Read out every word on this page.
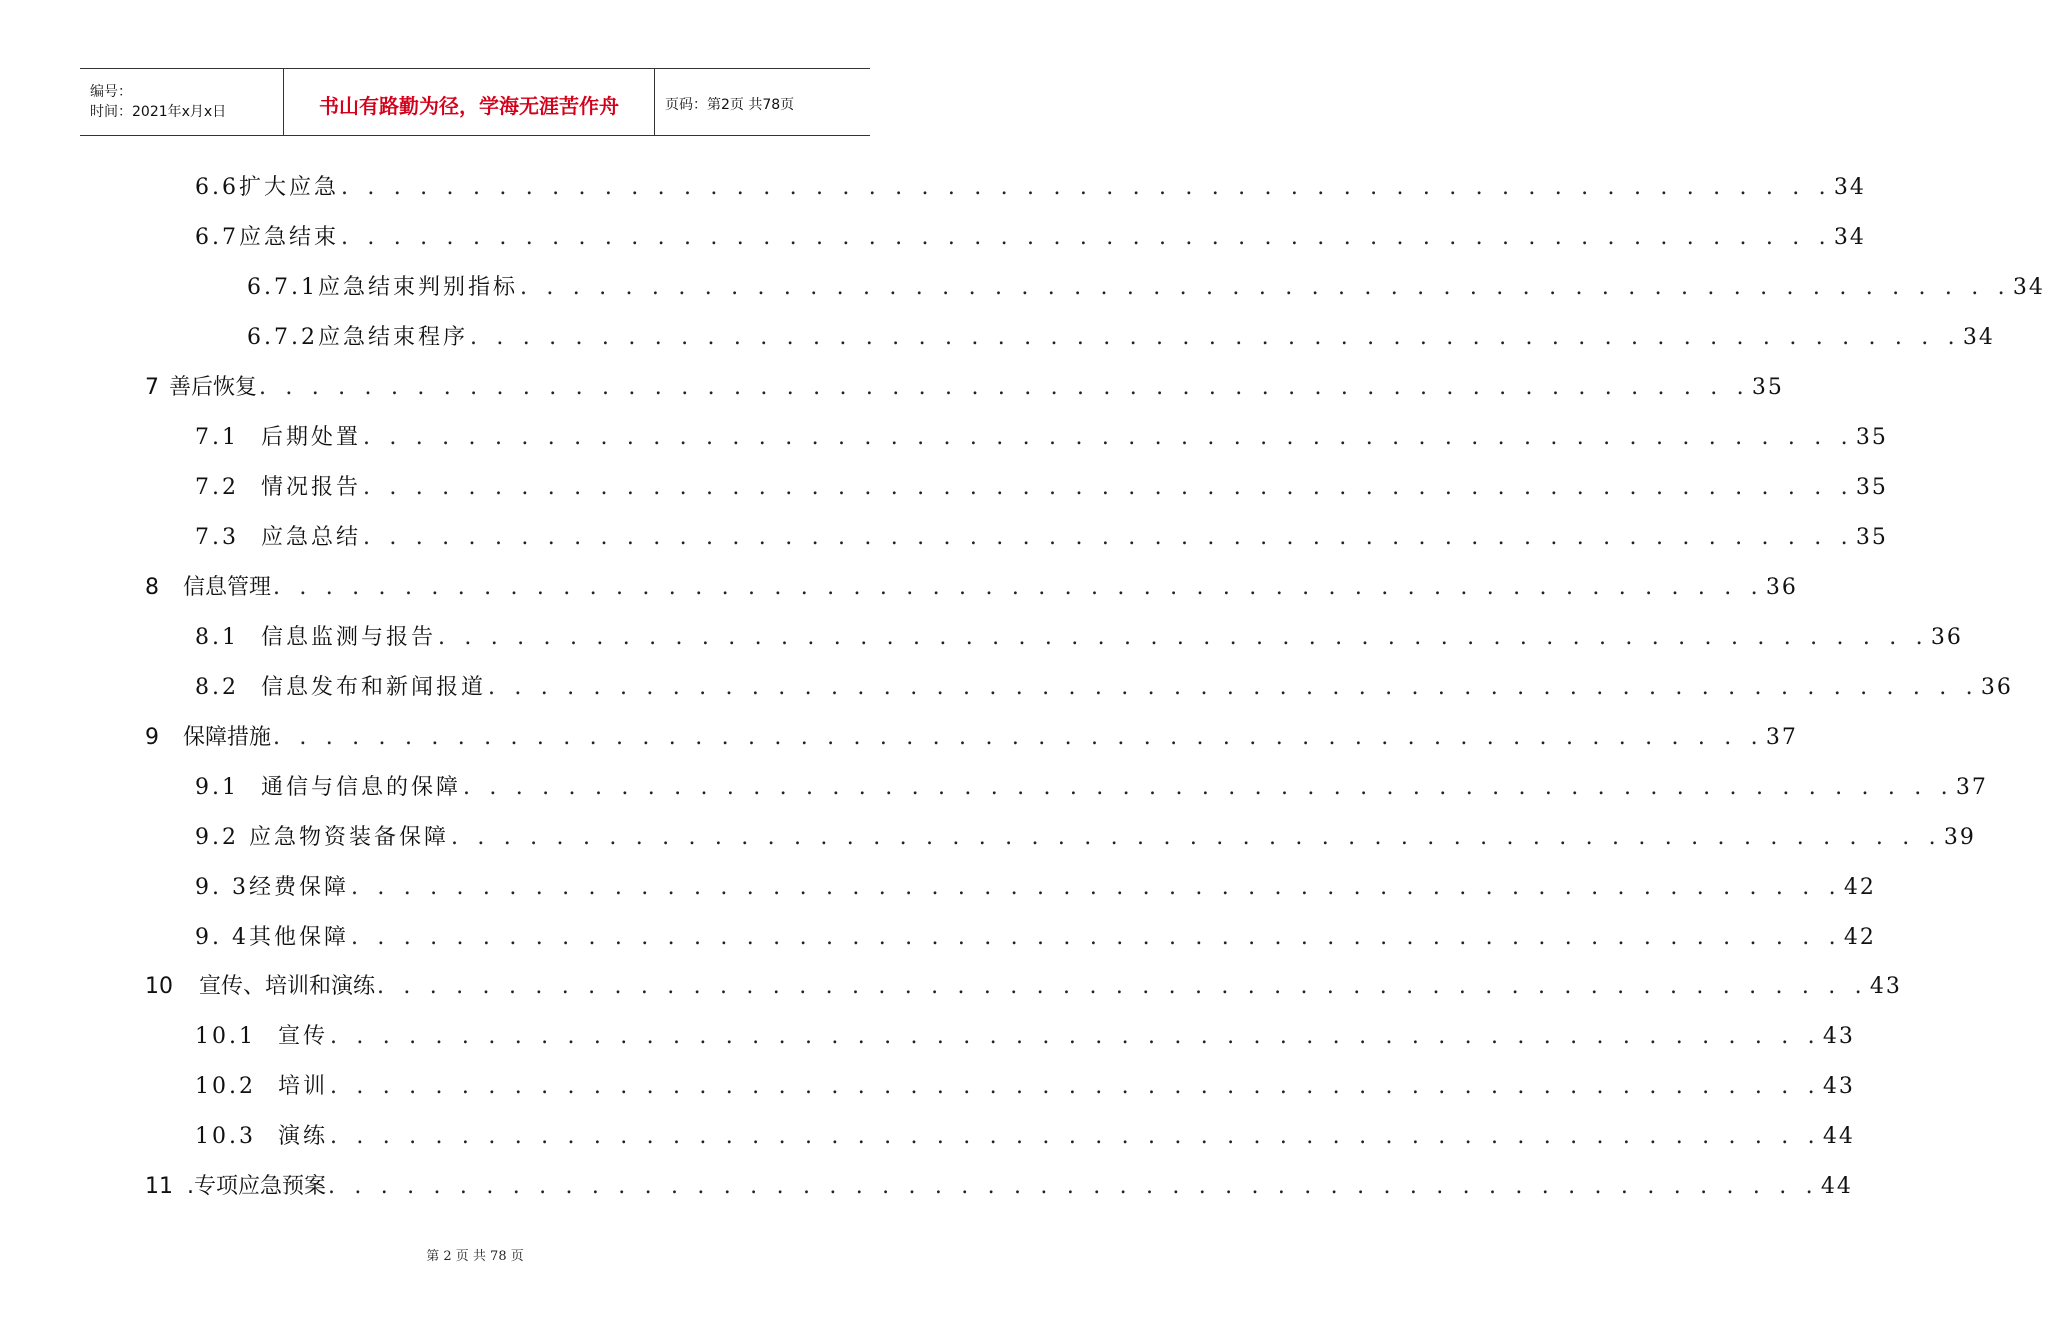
编号：
时间：2021年x月x日	书山有路勤为径，学海无涯苦作舟	页码：第2页 共78页
6.6 扩大应急 . . . . . . . . . . . . . . . . . . . . . . . . . . . . . . . . . . . . . . . . . . . . . . . . . . . . . . . . . 34
6.7 应急结束 . . . . . . . . . . . . . . . . . . . . . . . . . . . . . . . . . . . . . . . . . . . . . . . . . . . . . . . . . 34
6.7.1 应急结束判别指标 . . . . . . . . . . . . . . . . . . . . . . . . . . . . . . . . . . . . . . . . . . . . . . . . . . . . . . . . . 34
6.7.2 应急结束程序 . . . . . . . . . . . . . . . . . . . . . . . . . . . . . . . . . . . . . . . . . . . . . . . . . . . . . . . . . 34
7 善后恢复 . . . . . . . . . . . . . . . . . . . . . . . . . . . . . . . . . . . . . . . . . . . . . . . . . . . . . . . . . 35
7.1 后期处置 . . . . . . . . . . . . . . . . . . . . . . . . . . . . . . . . . . . . . . . . . . . . . . . . . . . . . . . . . 35
7.2 情况报告 . . . . . . . . . . . . . . . . . . . . . . . . . . . . . . . . . . . . . . . . . . . . . . . . . . . . . . . . . 35
7.3 应急总结 . . . . . . . . . . . . . . . . . . . . . . . . . . . . . . . . . . . . . . . . . . . . . . . . . . . . . . . . . 35
8 信息管理 . . . . . . . . . . . . . . . . . . . . . . . . . . . . . . . . . . . . . . . . . . . . . . . . . . . . . . . . . 36
8.1 信息监测与报告 . . . . . . . . . . . . . . . . . . . . . . . . . . . . . . . . . . . . . . . . . . . . . . . . . . . . . . . . . 36
8.2 信息发布和新闻报道 . . . . . . . . . . . . . . . . . . . . . . . . . . . . . . . . . . . . . . . . . . . . . . . . . . . . . . . . . 36
9 保障措施 . . . . . . . . . . . . . . . . . . . . . . . . . . . . . . . . . . . . . . . . . . . . . . . . . . . . . . . . . 37
9.1 通信与信息的保障 . . . . . . . . . . . . . . . . . . . . . . . . . . . . . . . . . . . . . . . . . . . . . . . . . . . . . . . . . 37
9.2 应急物资装备保障 . . . . . . . . . . . . . . . . . . . . . . . . . . . . . . . . . . . . . . . . . . . . . . . . . . . . . . . . . 39
9. 3 经费保障 . . . . . . . . . . . . . . . . . . . . . . . . . . . . . . . . . . . . . . . . . . . . . . . . . . . . . . . . . 42
9. 4 其他保障 . . . . . . . . . . . . . . . . . . . . . . . . . . . . . . . . . . . . . . . . . . . . . . . . . . . . . . . . . 42
10 宣传、培训和演练 . . . . . . . . . . . . . . . . . . . . . . . . . . . . . . . . . . . . . . . . . . . . . . . . . . . . . . . . . 43
10.1 宣传 . . . . . . . . . . . . . . . . . . . . . . . . . . . . . . . . . . . . . . . . . . . . . . . . . . . . . . . . . 43
10.2 培训 . . . . . . . . . . . . . . . . . . . . . . . . . . . . . . . . . . . . . . . . . . . . . . . . . . . . . . . . . 43
10.3 演练 . . . . . . . . . . . . . . . . . . . . . . . . . . . . . . . . . . . . . . . . . . . . . . . . . . . . . . . . . 44
11 .专项应急预案 . . . . . . . . . . . . . . . . . . . . . . . . . . . . . . . . . . . . . . . . . . . . . . . . . . . . . . . . . 44
第 2 页 共 78 页
